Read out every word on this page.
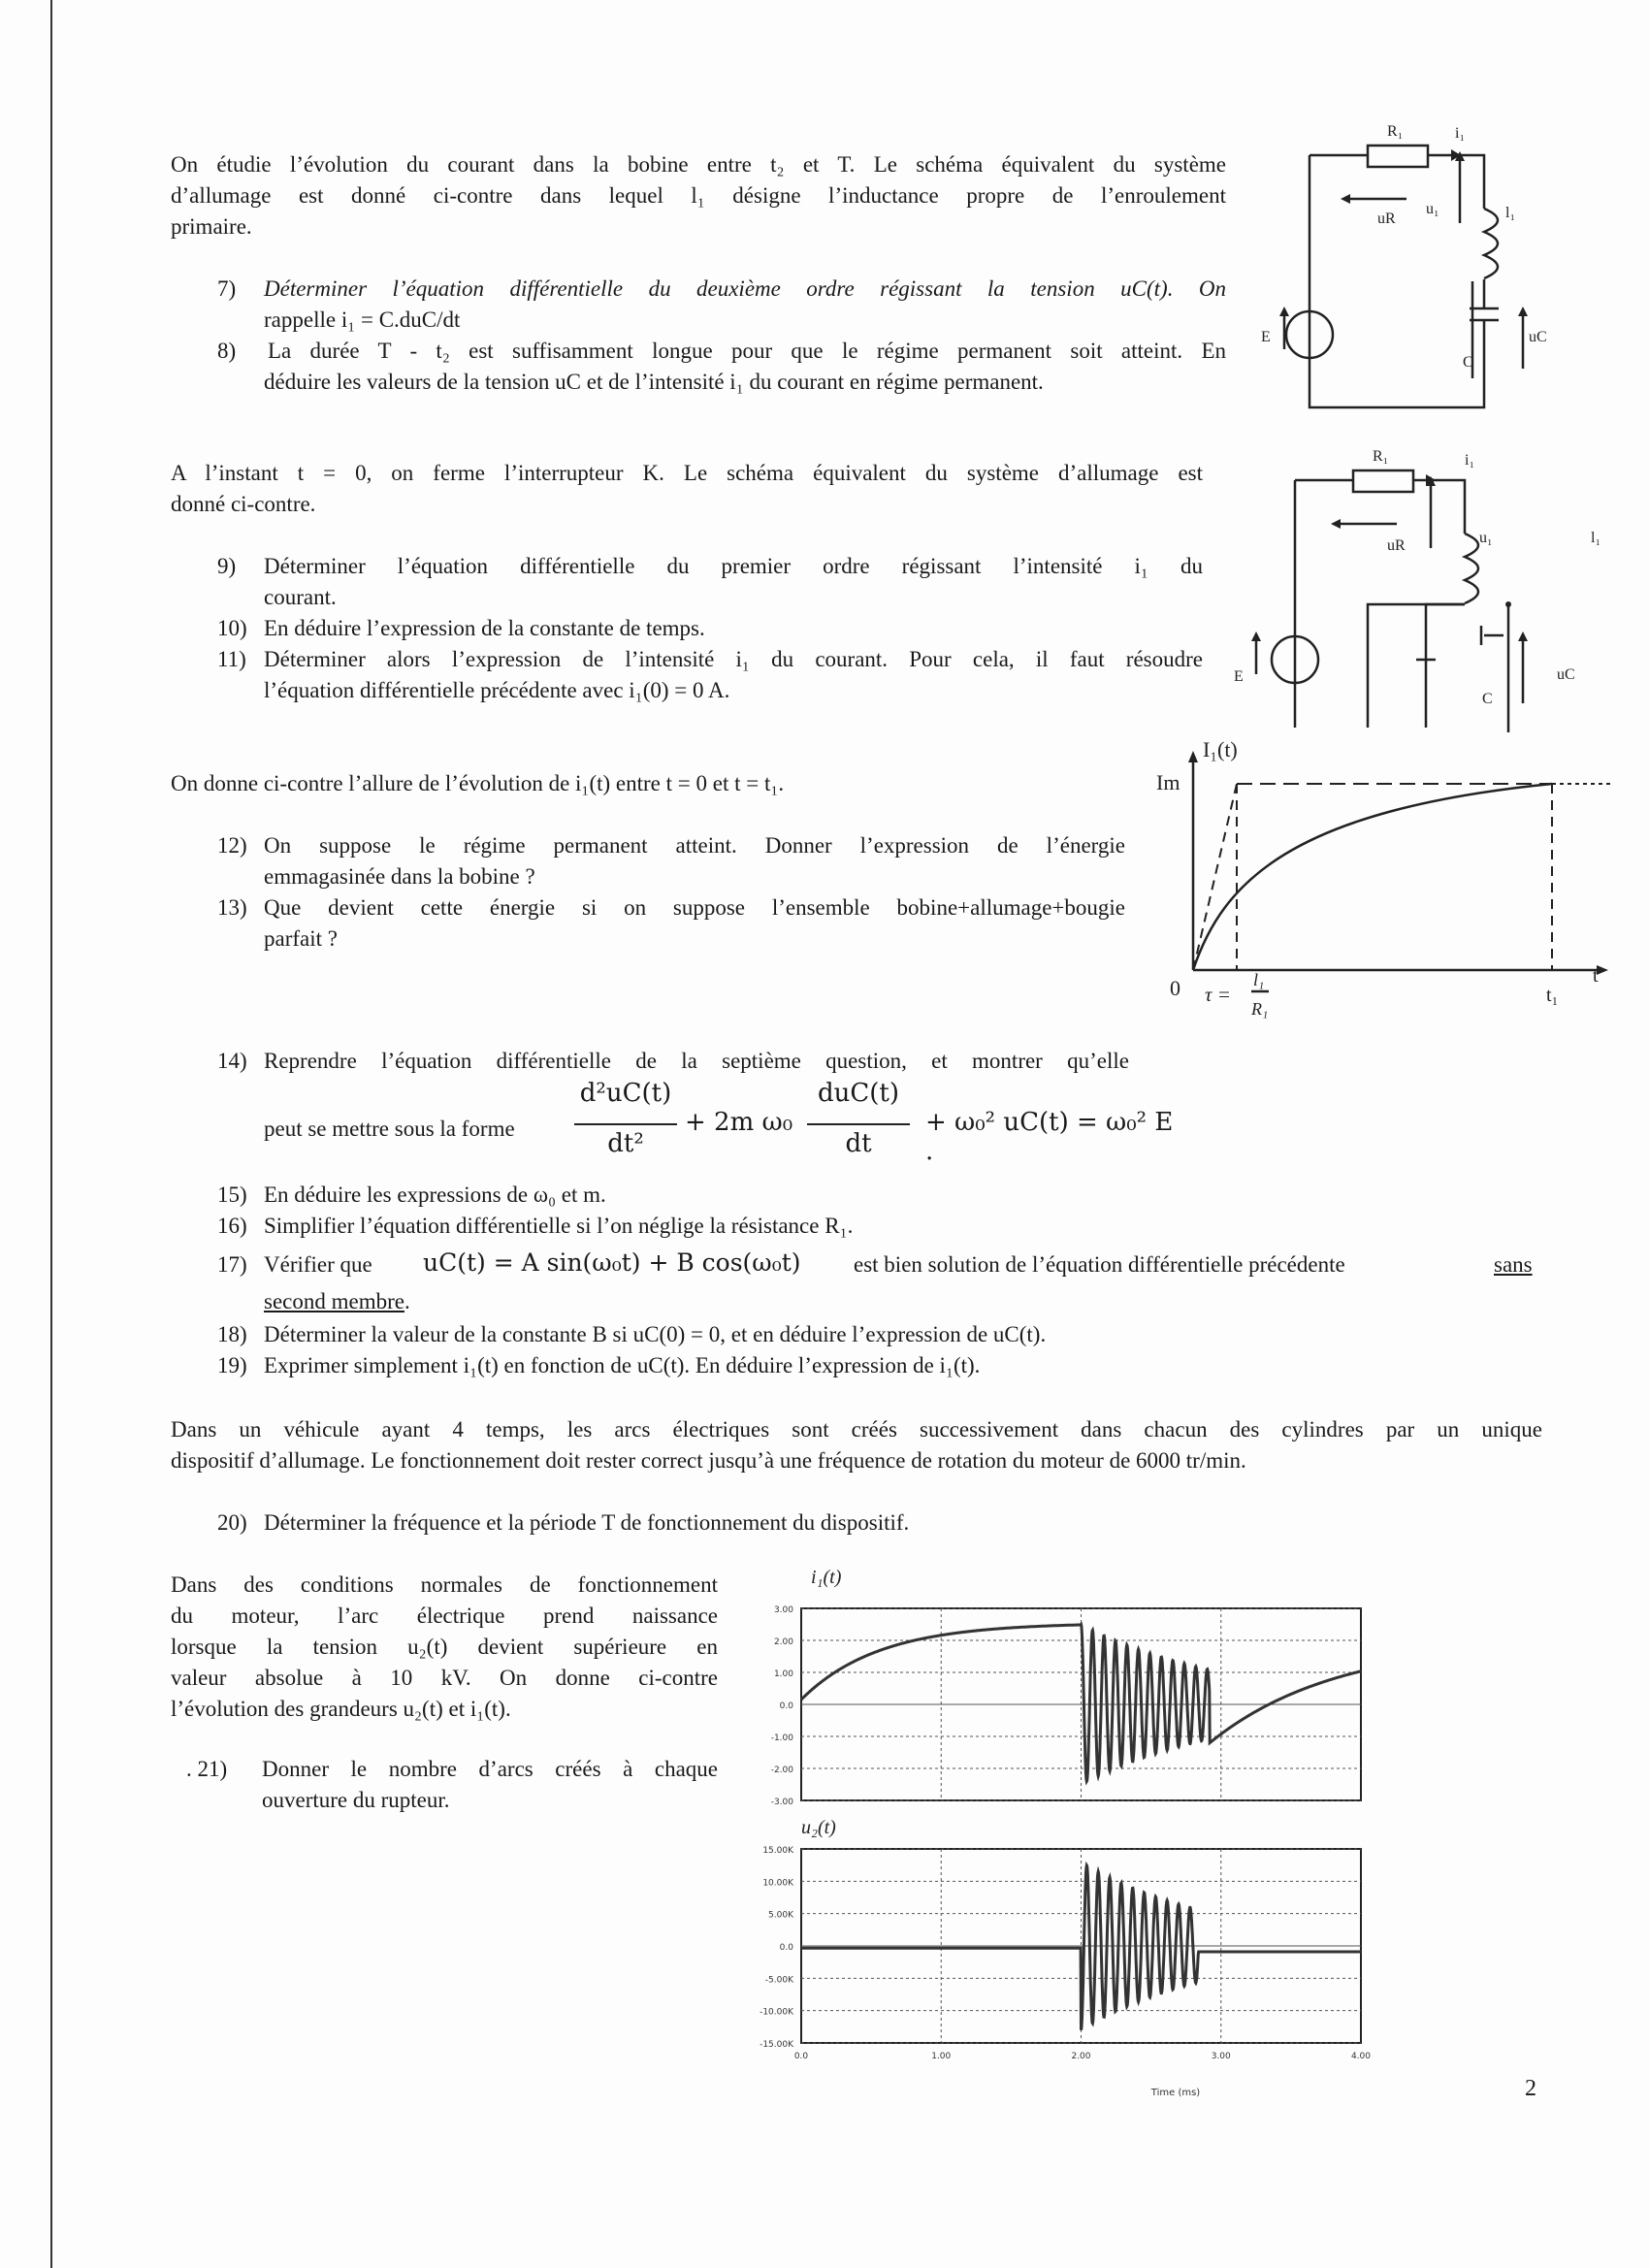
On étudie l’évolution du courant dans la bobine entre t₂ et T. Le schéma équivalent du système
d’allumage est donné ci-contre dans lequel l₁ désigne l’inductance propre de l’enroulement
primaire.
7) Déterminer l’équation différentielle du deuxième ordre régissant la tension uC(t). On
rappelle i₁ = C.duC/dt
8) La durée T - t₂ est suffisamment longue pour que le régime permanent soit atteint. En
déduire les valeurs de la tension uC et de l’intensité i₁ du courant en régime permanent.
R₁	i₁
uR
u₁	l₁
E
C
uC
A l’instant t = 0, on ferme l’interrupteur K. Le schéma équivalent du système d’allumage est
donné ci-contre.
9) Déterminer l’équation différentielle du premier ordre régissant l’intensité i₁ du
courant.
10) En déduire l’expression de la constante de temps.
11) Déterminer alors l’expression de l’intensité i₁ du courant. Pour cela, il faut résoudre
l’équation différentielle précédente avec i₁(0) = 0 A.
R₁	i₁
uR	u₁	l₁
E
C
uC
On donne ci-contre l’allure de l’évolution de i₁(t) entre t = 0 et t = t₁.
12) On suppose le régime permanent atteint. Donner l’expression de l’énergie
emmagasinée dans la bobine ?
13) Que devient cette énergie si on suppose l’ensemble bobine+allumage+bougie
parfait ?
I₁(t)
Im
0	t
t₁
τ =
l₁
R₁
14) Reprendre l’équation différentielle de la septième question, et montrer qu’elle
peut se mettre sous la forme
d²uC(t)
dt²
+ 2m ω₀
duC(t)
dt
+ ω₀² uC(t) = ω₀² E .
15) En déduire les expressions de ω₀ et m.
16) Simplifier l’équation différentielle si l’on néglige la résistance R₁.
17) Vérifier que uC(t) = A sin(ω₀t) + B cos(ω₀t) est bien solution de l’équation différentielle précédente	sans
second membre.
18) Déterminer la valeur de la constante B si uC(0) = 0, et en déduire l’expression de uC(t).
19) Exprimer simplement i₁(t) en fonction de uC(t). En déduire l’expression de i₁(t).
Dans un véhicule ayant 4 temps, les arcs électriques sont créés successivement dans chacun des cylindres par un unique
dispositif d’allumage. Le fonctionnement doit rester correct jusqu’à une fréquence de rotation du moteur de 6000 tr/min.
20) Déterminer la fréquence et la période T de fonctionnement du dispositif.
Dans des conditions normales de fonctionnement
du moteur, l’arc électrique prend naissance
lorsque la tension u₂(t) devient supérieure en
valeur absolue à 10 kV. On donne ci-contre
l’évolution des grandeurs u₂(t) et i₁(t).
. 21) Donner le nombre d’arcs créés à chaque
ouverture du rupteur.
i₁(t)
3.00
2.00
1.00
0.0
-1.00
-2.00
-3.00
u₂(t)
15.00K
10.00K
5.00K
0.0
-5.00K
-10.00K
-15.00K
0.0	1.00	2.00	3.00	4.00
Time (ms)	2
